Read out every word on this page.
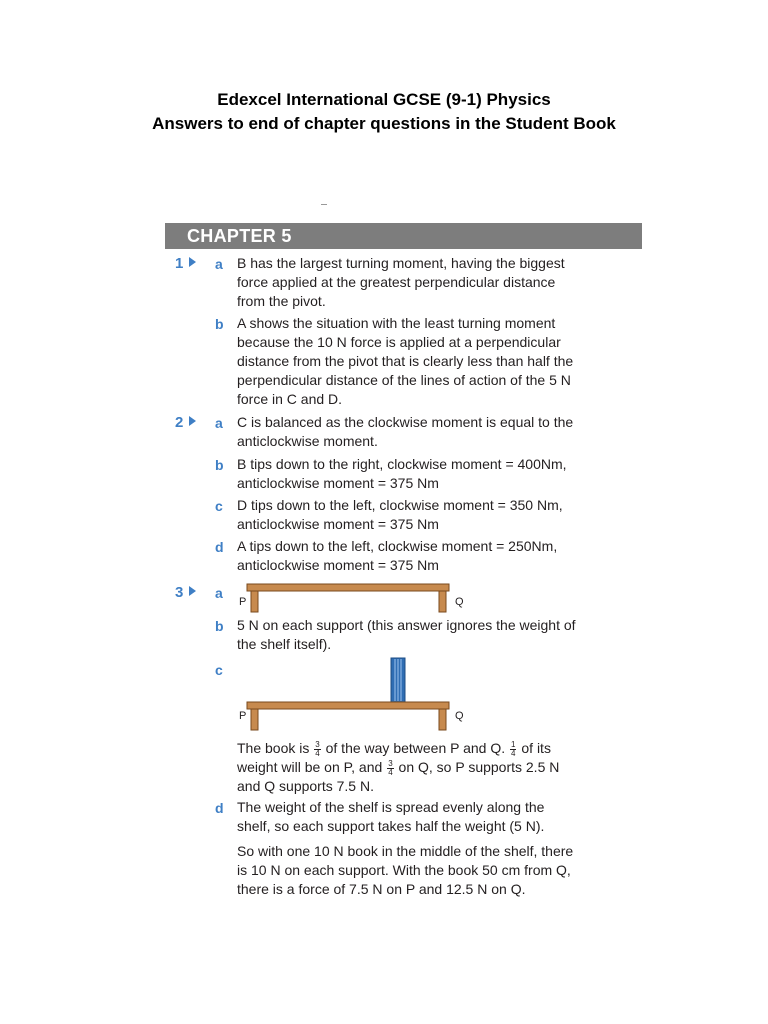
Edexcel International GCSE (9-1) Physics
Answers to end of chapter questions in the Student Book
CHAPTER 5
1	a B has the largest turning moment, having the biggest
force applied at the greatest perpendicular distance
from the pivot.

b A shows the situation with the least turning moment
because the 10 N force is applied at a perpendicular
distance from the pivot that is clearly less than half the
perpendicular distance of the lines of action of the 5 N
force in C and D.

2	a C is balanced as the clockwise moment is equal to the
anticlockwise moment.

b B tips down to the right, clockwise moment = 400Nm,
anticlockwise moment = 375 Nm

c D tips down to the left, clockwise moment = 350 Nm,
anticlockwise moment = 375 Nm

d A tips down to the left, clockwise moment = 250Nm,
anticlockwise moment = 375 Nm

3	a
P	Q
b 5 N on each support (this answer ignores the weight of
the shelf itself).

c
P	Q

The book is $\frac{3}{4}$ of the way between P and Q. $\frac{1}{4}$ of its
weight will be on P, and $\frac{3}{4}$ on Q, so P supports 2.5 N
and Q supports 7.5 N.

d The weight of the shelf is spread evenly along the
shelf, so each support takes half the weight (5 N).

So with one 10 N book in the middle of the shelf, there
is 10 N on each support. With the book 50 cm from Q,
there is a force of 7.5 N on P and 12.5 N on Q.
